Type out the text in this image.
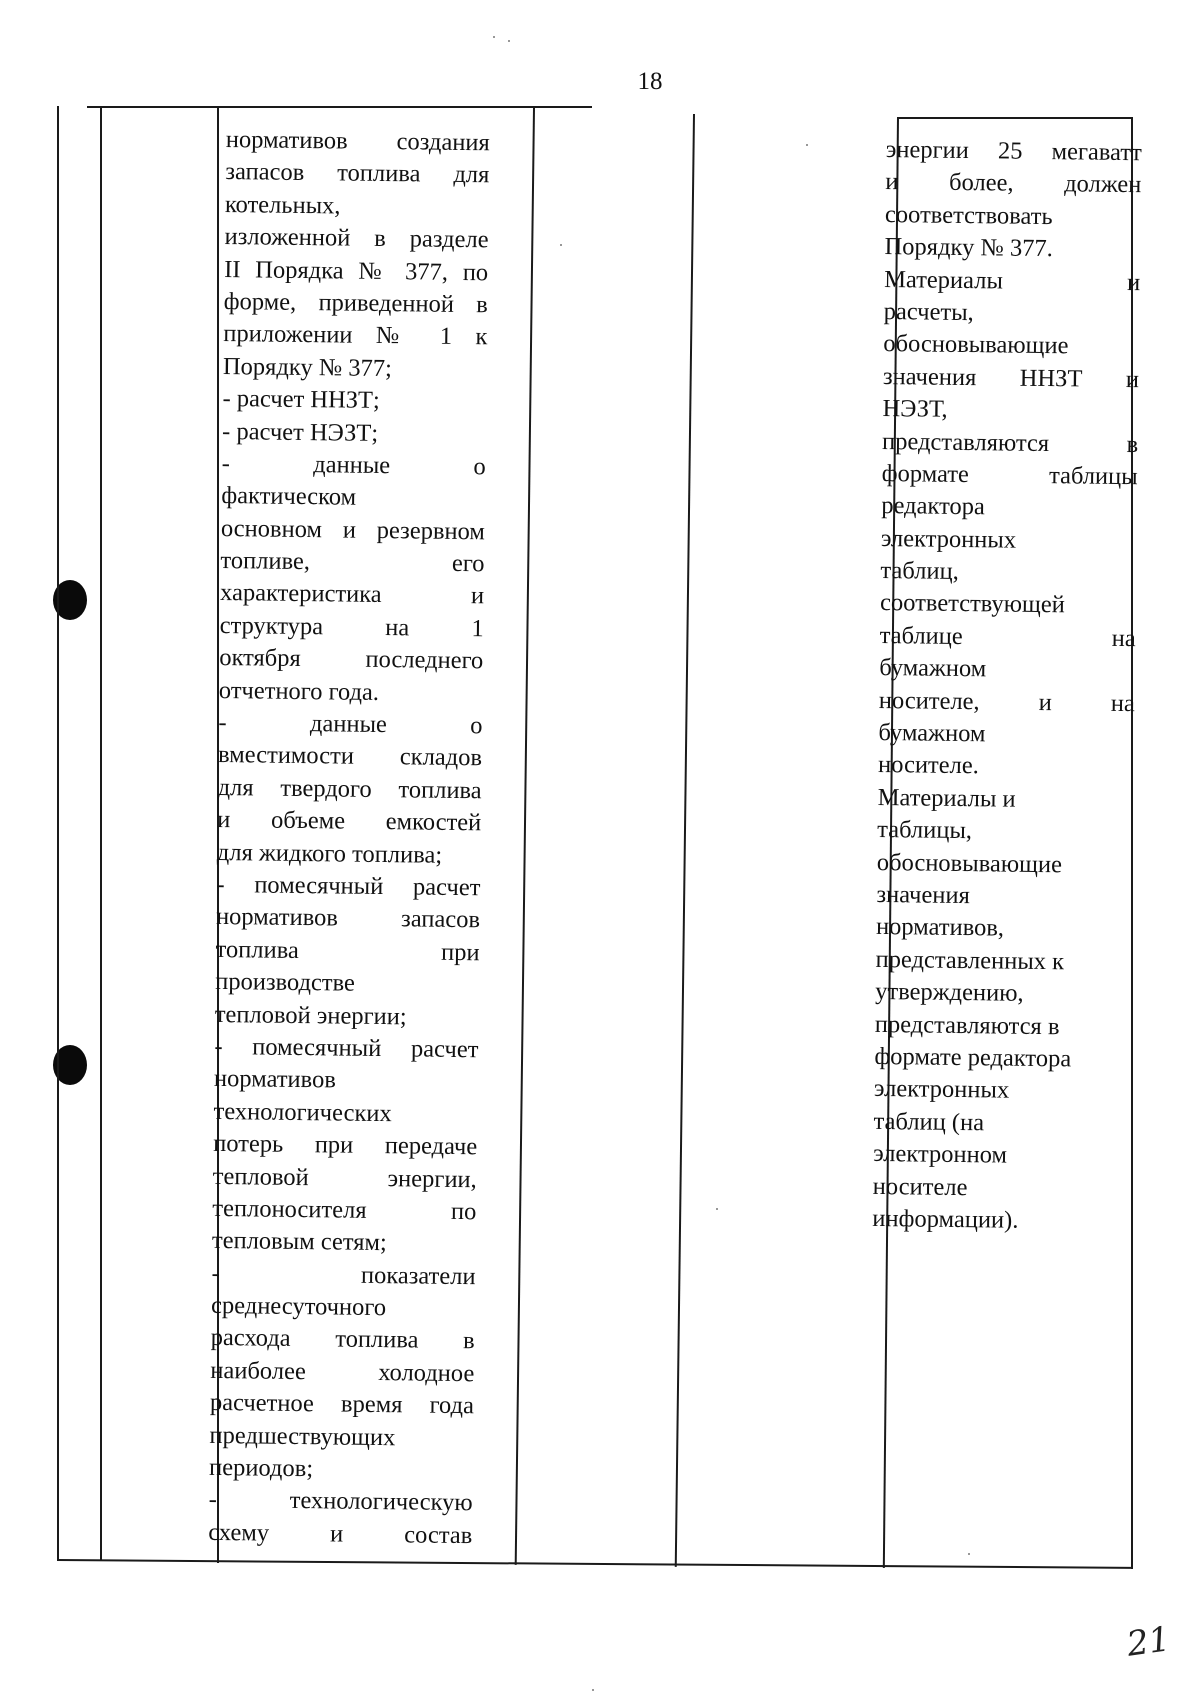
18
нормативов   создания
запасов топлива для
котельных,
изложенной в разделе
II Порядка № 377, по
форме, приведенной в
приложении № 1 к
Порядку № 377;
- расчет ННЗТ;
- расчет НЭЗТ;
- данные о
фактическом
основном и резервном
топливе, его
характеристика и
структура на 1
октября последнего
отчетного года.
- данные о
вместимости складов
для твердого топлива
и объеме емкостей
для жидкого топлива;
- помесячный расчет
нормативов запасов
топлива при
производстве
тепловой энергии;
- помесячный расчет
нормативов
технологических
потерь при передаче
тепловой энергии,
теплоносителя по
тепловым сетям;
- показатели
среднесуточного
расхода топлива в
наиболее холодное
расчетное время года
предшествующих
периодов;
- технологическую
схему и состав
энергии 25 мегаватт
и более, должен
соответствовать
Порядку № 377.
Материалы и
расчеты,
обосновывающие
значения ННЗТ и
НЭЗТ,
представляются в
формате таблицы
редактора
электронных
таблиц,
соответствующей
таблице на
бумажном
носителе, и на
бумажном
носителе.
Материалы и
таблицы,
обосновывающие
значения
нормативов,
представленных к
утверждению,
представляются в
формате редактора
электронных
таблиц (на
электронном
носителе
информации).
21
